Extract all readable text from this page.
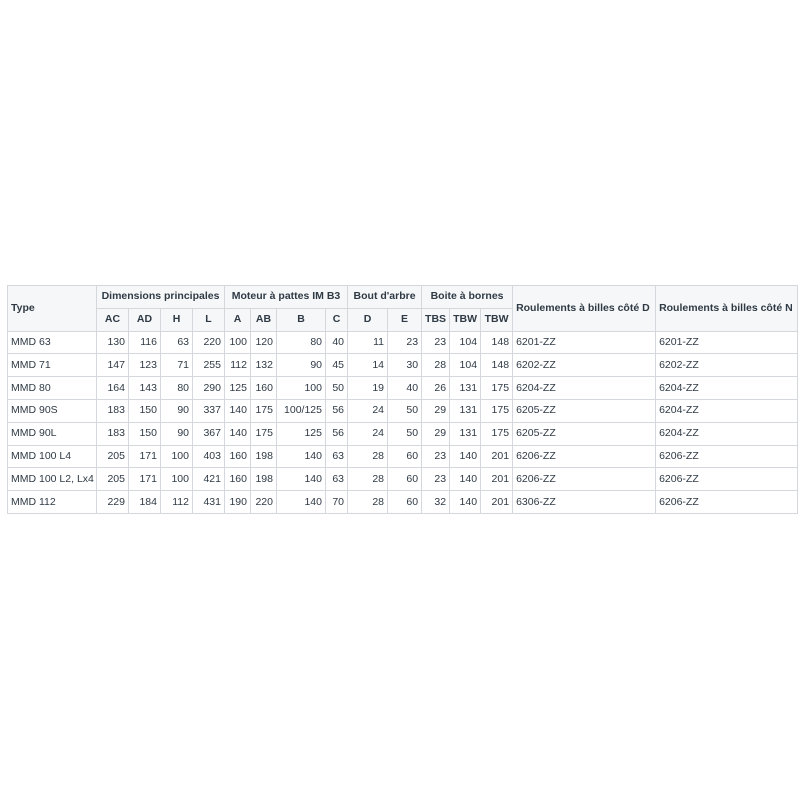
Type	Dimensions principales				Moteur à pattes IM B3				Bout d'arbre		Boite à bornes			Roulements à billes côté D	Roulements à billes côté N
	AC	AD	H	L	A	AB	B	C	D	E	TBS	TBW	TBW		
MMD 63	130	116	63	220	100	120	80	40	11	23	23	104	148	6201-ZZ	6201-ZZ
MMD 71	147	123	71	255	112	132	90	45	14	30	28	104	148	6202-ZZ	6202-ZZ
MMD 80	164	143	80	290	125	160	100	50	19	40	26	131	175	6204-ZZ	6204-ZZ
MMD 90S	183	150	90	337	140	175	100/125	56	24	50	29	131	175	6205-ZZ	6204-ZZ
MMD 90L	183	150	90	367	140	175	125	56	24	50	29	131	175	6205-ZZ	6204-ZZ
MMD 100 L4	205	171	100	403	160	198	140	63	28	60	23	140	201	6206-ZZ	6206-ZZ
MMD 100 L2, Lx4	205	171	100	421	160	198	140	63	28	60	23	140	201	6206-ZZ	6206-ZZ
MMD 112	229	184	112	431	190	220	140	70	28	60	32	140	201	6306-ZZ	6206-ZZ
